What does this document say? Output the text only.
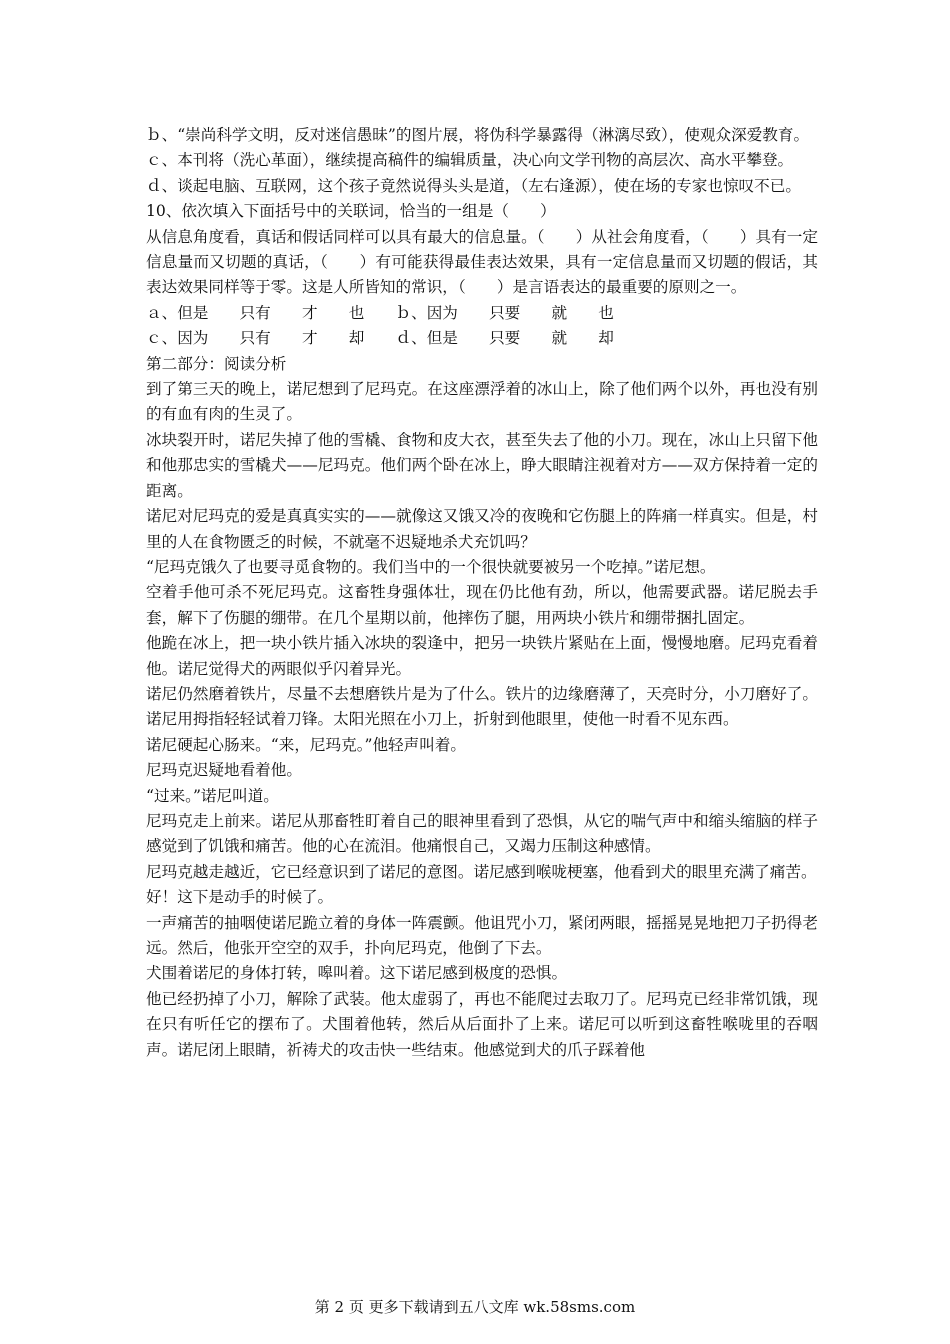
ｂ、“崇尚科学文明，反对迷信愚昧”的图片展，将伪科学暴露得（淋漓尽致），使观众深爱教育。

ｃ、本刊将（洗心革面），继续提高稿件的编辑质量，决心向文学刊物的高层次、高水平攀登。

ｄ、谈起电脑、互联网，这个孩子竟然说得头头是道，（左右逢源），使在场的专家也惊叹不已。

10、依次填入下面括号中的关联词，恰当的一组是（　　）

从信息角度看，真话和假话同样可以具有最大的信息量。（　　）从社会角度看，（　　）具有一定信息量而又切题的真话，（　　）有可能获得最佳表达效果，具有一定信息量而又切题的假话，其表达效果同样等于零。这是人所皆知的常识，（　　）是言语表达的最重要的原则之一。

ａ、但是　　只有　　才　　也　　ｂ、因为　　只要　　就　　也

ｃ、因为　　只有　　才　　却　　ｄ、但是　　只要　　就　　却

第二部分：阅读分析

到了第三天的晚上，诺尼想到了尼玛克。在这座漂浮着的冰山上，除了他们两个以外，再也没有别的有血有肉的生灵了。

冰块裂开时，诺尼失掉了他的雪橇、食物和皮大衣，甚至失去了他的小刀。现在，冰山上只留下他和他那忠实的雪橇犬——尼玛克。他们两个卧在冰上，睁大眼睛注视着对方——双方保持着一定的距离。

诺尼对尼玛克的爱是真真实实的——就像这又饿又冷的夜晚和它伤腿上的阵痛一样真实。但是，村里的人在食物匮乏的时候，不就毫不迟疑地杀犬充饥吗？

“尼玛克饿久了也要寻觅食物的。我们当中的一个很快就要被另一个吃掉。”诺尼想。

空着手他可杀不死尼玛克。这畜牲身强体壮，现在仍比他有劲，所以，他需要武器。诺尼脱去手套，解下了伤腿的绷带。在几个星期以前，他摔伤了腿，用两块小铁片和绷带捆扎固定。

他跪在冰上，把一块小铁片插入冰块的裂逢中，把另一块铁片紧贴在上面，慢慢地磨。尼玛克看着他。诺尼觉得犬的两眼似乎闪着异光。

诺尼仍然磨着铁片，尽量不去想磨铁片是为了什么。铁片的边缘磨薄了，天亮时分，小刀磨好了。诺尼用拇指轻轻试着刀锋。太阳光照在小刀上，折射到他眼里，使他一时看不见东西。

诺尼硬起心肠来。“来，尼玛克。”他轻声叫着。

尼玛克迟疑地看着他。

“过来。”诺尼叫道。

尼玛克走上前来。诺尼从那畜牲盯着自己的眼神里看到了恐惧，从它的喘气声中和缩头缩脑的样子感觉到了饥饿和痛苦。他的心在流泪。他痛恨自己，又竭力压制这种感情。

尼玛克越走越近，它已经意识到了诺尼的意图。诺尼感到喉咙梗塞，他看到犬的眼里充满了痛苦。

好！这下是动手的时候了。

一声痛苦的抽咽使诺尼跪立着的身体一阵震颤。他诅咒小刀，紧闭两眼，摇摇晃晃地把刀子扔得老远。然后，他张开空空的双手，扑向尼玛克，他倒了下去。

犬围着诺尼的身体打转，嗥叫着。这下诺尼感到极度的恐惧。

他已经扔掉了小刀，解除了武装。他太虚弱了，再也不能爬过去取刀了。尼玛克已经非常饥饿，现在只有听任它的摆布了。犬围着他转，然后从后面扑了上来。诺尼可以听到这畜牲喉咙里的吞咽声。诺尼闭上眼睛，祈祷犬的攻击快一些结束。他感觉到犬的爪子踩着他

第 2 页 更多下载请到五八文库 wk.58sms.com
